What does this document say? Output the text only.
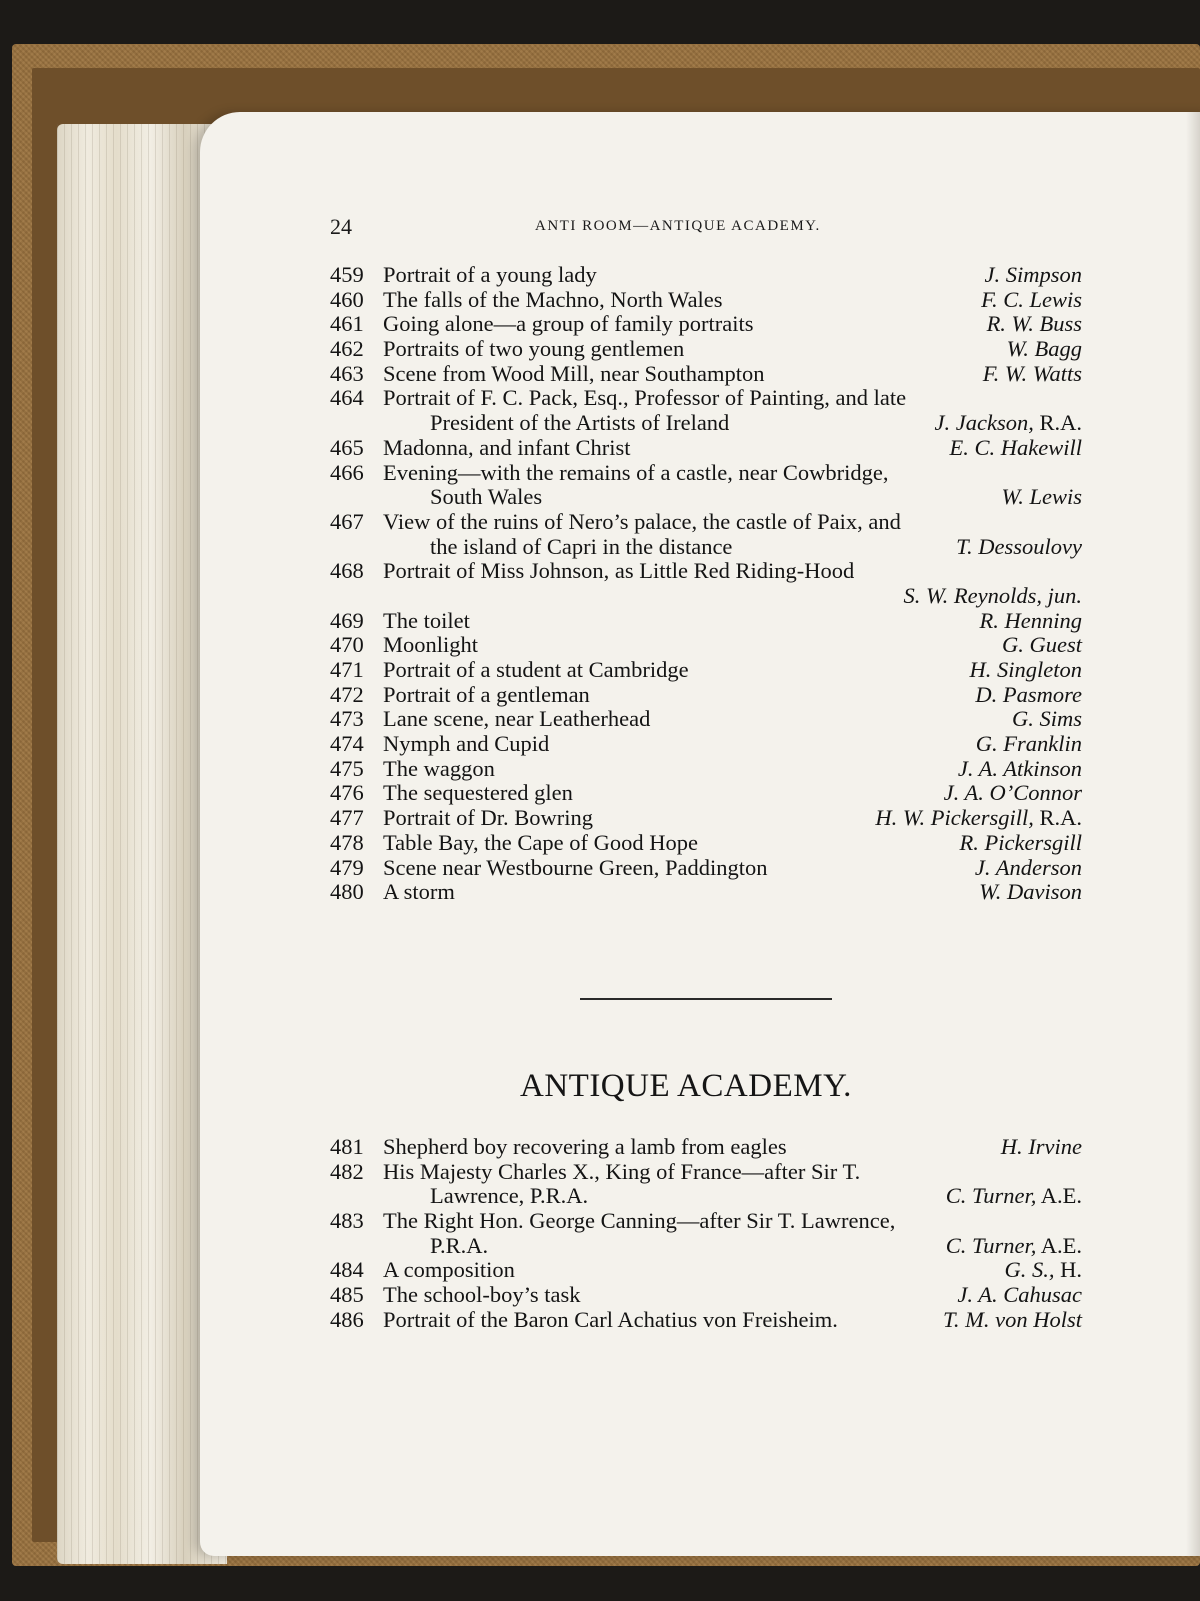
24	ANTI ROOM—ANTIQUE ACADEMY.
459 Portrait of a young lady	J. Simpson
460 The falls of the Machno, North Wales	F. C. Lewis
461 Going alone—a group of family portraits	R. W. Buss
462 Portraits of two young gentlemen	W. Bagg
463 Scene from Wood Mill, near Southampton	F. W. Watts
464 Portrait of F. C. Pack, Esq., Professor of Painting, and late
President of the Artists of Ireland	J. Jackson, R.A.
465 Madonna, and infant Christ	E. C. Hakewill
466 Evening—with the remains of a castle, near Cowbridge,
South Wales	W. Lewis
467 View of the ruins of Nero’s palace, the castle of Paix, and
the island of Capri in the distance	T. Dessoulovy
468 Portrait of Miss Johnson, as Little Red Riding-Hood
S. W. Reynolds, jun.
469 The toilet	R. Henning
470 Moonlight	G. Guest
471 Portrait of a student at Cambridge	H. Singleton
472 Portrait of a gentleman	D. Pasmore
473 Lane scene, near Leatherhead	G. Sims
474 Nymph and Cupid	G. Franklin
475 The waggon	J. A. Atkinson
476 The sequestered glen	J. A. O’Connor
477 Portrait of Dr. Bowring	H. W. Pickersgill, R.A.
478 Table Bay, the Cape of Good Hope	R. Pickersgill
479 Scene near Westbourne Green, Paddington	J. Anderson
480 A storm	W. Davison
ANTIQUE ACADEMY.
481 Shepherd boy recovering a lamb from eagles	H. Irvine
482 His Majesty Charles X., King of France—after Sir T.
Lawrence, P.R.A.	C. Turner, A.E.
483 The Right Hon. George Canning—after Sir T. Lawrence,
P.R.A.	C. Turner, A.E.
484 A composition	G. S., H.
485 The school-boy’s task	J. A. Cahusac
486 Portrait of the Baron Carl Achatius von Freisheim.	T. M. von Holst
